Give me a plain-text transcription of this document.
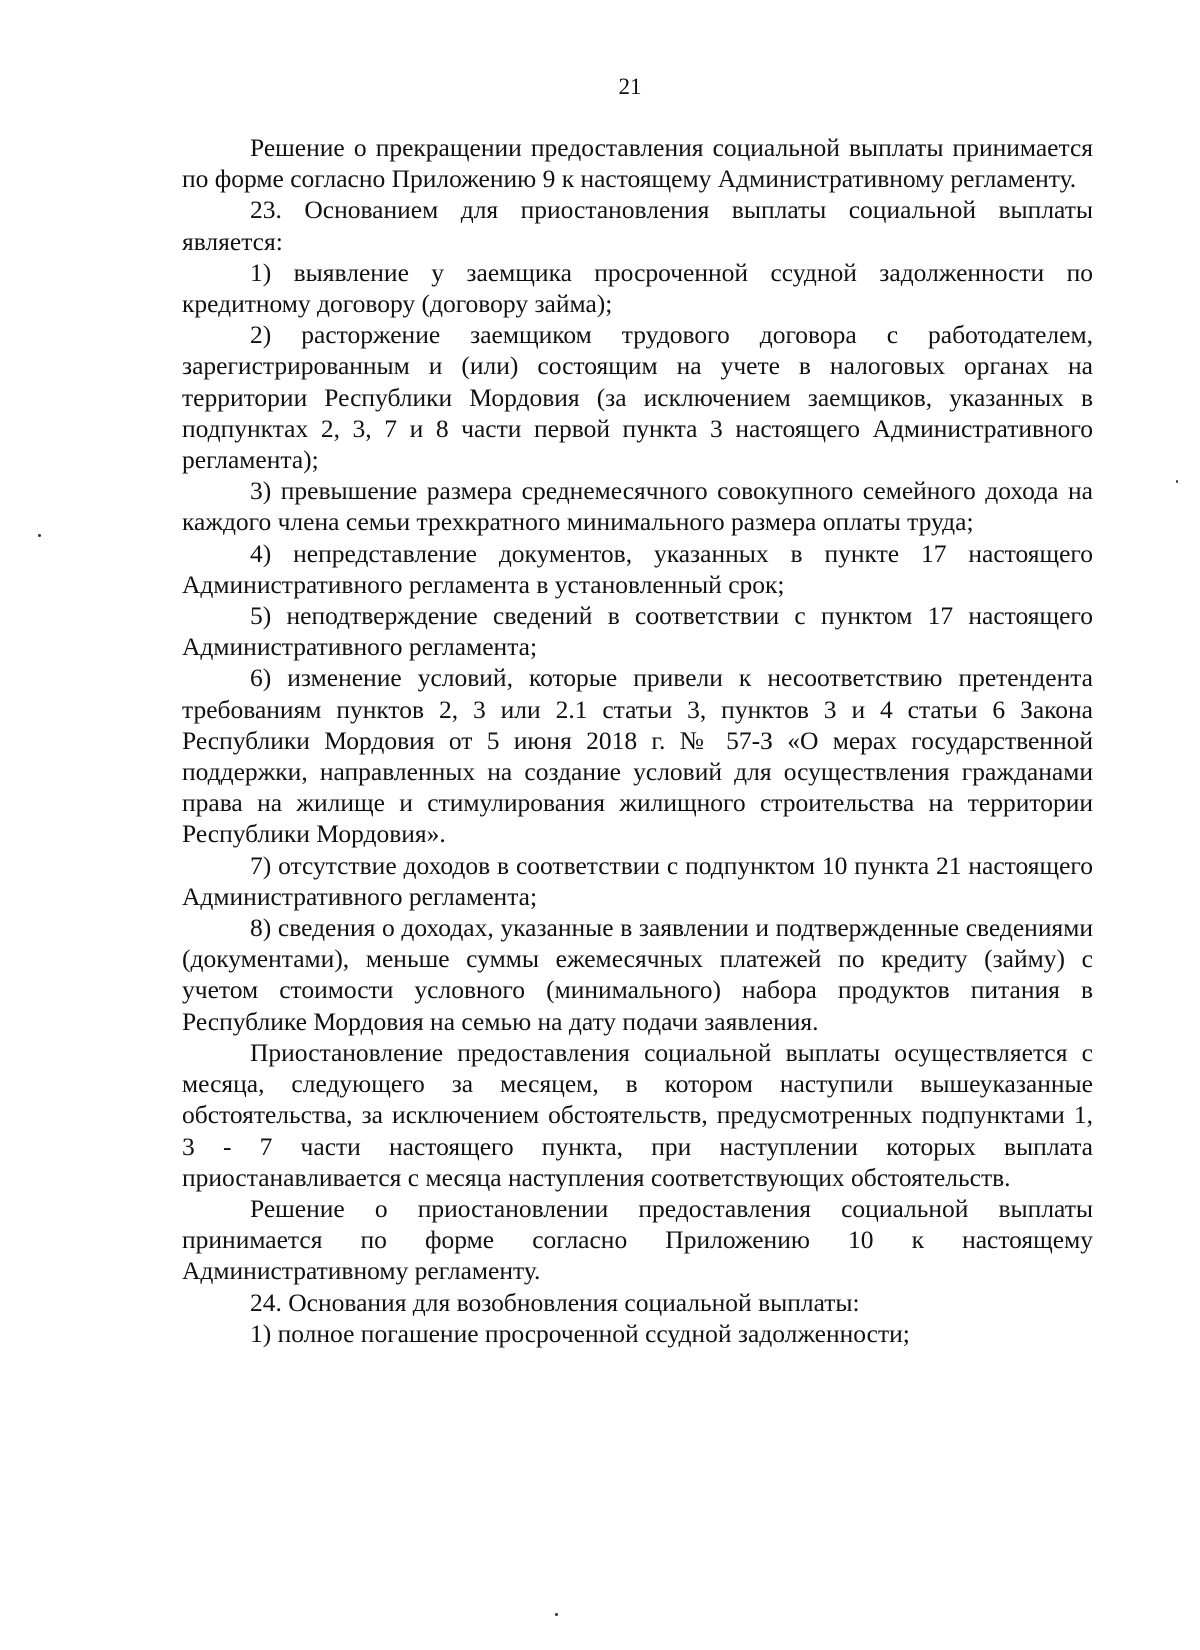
21

Решение о прекращении предоставления социальной выплаты принимается по форме согласно Приложению 9 к настоящему Административному регламенту.

23. Основанием для приостановления выплаты социальной выплаты является:

1) выявление у заемщика просроченной ссудной задолженности по кредитному договору (договору займа);

2) расторжение заемщиком трудового договора с работодателем, зарегистрированным и (или) состоящим на учете в налоговых органах на территории Республики Мордовия (за исключением заемщиков, указанных в подпунктах 2, 3, 7 и 8 части первой пункта 3 настоящего Административного регламента);

3) превышение размера среднемесячного совокупного семейного дохода на каждого члена семьи трехкратного минимального размера оплаты труда;

4) непредставление документов, указанных в пункте 17 настоящего Административного регламента в установленный срок;

5) неподтверждение сведений в соответствии с пунктом 17 настоящего Административного регламента;

6) изменение условий, которые привели к несоответствию претендента требованиям пунктов 2, 3 или 2.1 статьи 3, пунктов 3 и 4 статьи 6 Закона Республики Мордовия от 5 июня 2018 г. № 57-З «О мерах государственной поддержки, направленных на создание условий для осуществления гражданами права на жилище и стимулирования жилищного строительства на территории Республики Мордовия».

7) отсутствие доходов в соответствии с подпунктом 10 пункта 21 настоящего Административного регламента;

8) сведения о доходах, указанные в заявлении и подтвержденные сведениями (документами), меньше суммы ежемесячных платежей по кредиту (займу) с учетом стоимости условного (минимального) набора продуктов питания в Республике Мордовия на семью на дату подачи заявления.

Приостановление предоставления социальной выплаты осуществляется с месяца, следующего за месяцем, в котором наступили вышеуказанные обстоятельства, за исключением обстоятельств, предусмотренных подпунктами 1, 3 - 7 части настоящего пункта, при наступлении которых выплата приостанавливается с месяца наступления соответствующих обстоятельств.

Решение о приостановлении предоставления социальной выплаты принимается по форме согласно Приложению 10 к настоящему Административному регламенту.

24. Основания для возобновления социальной выплаты:

1) полное погашение просроченной ссудной задолженности;
